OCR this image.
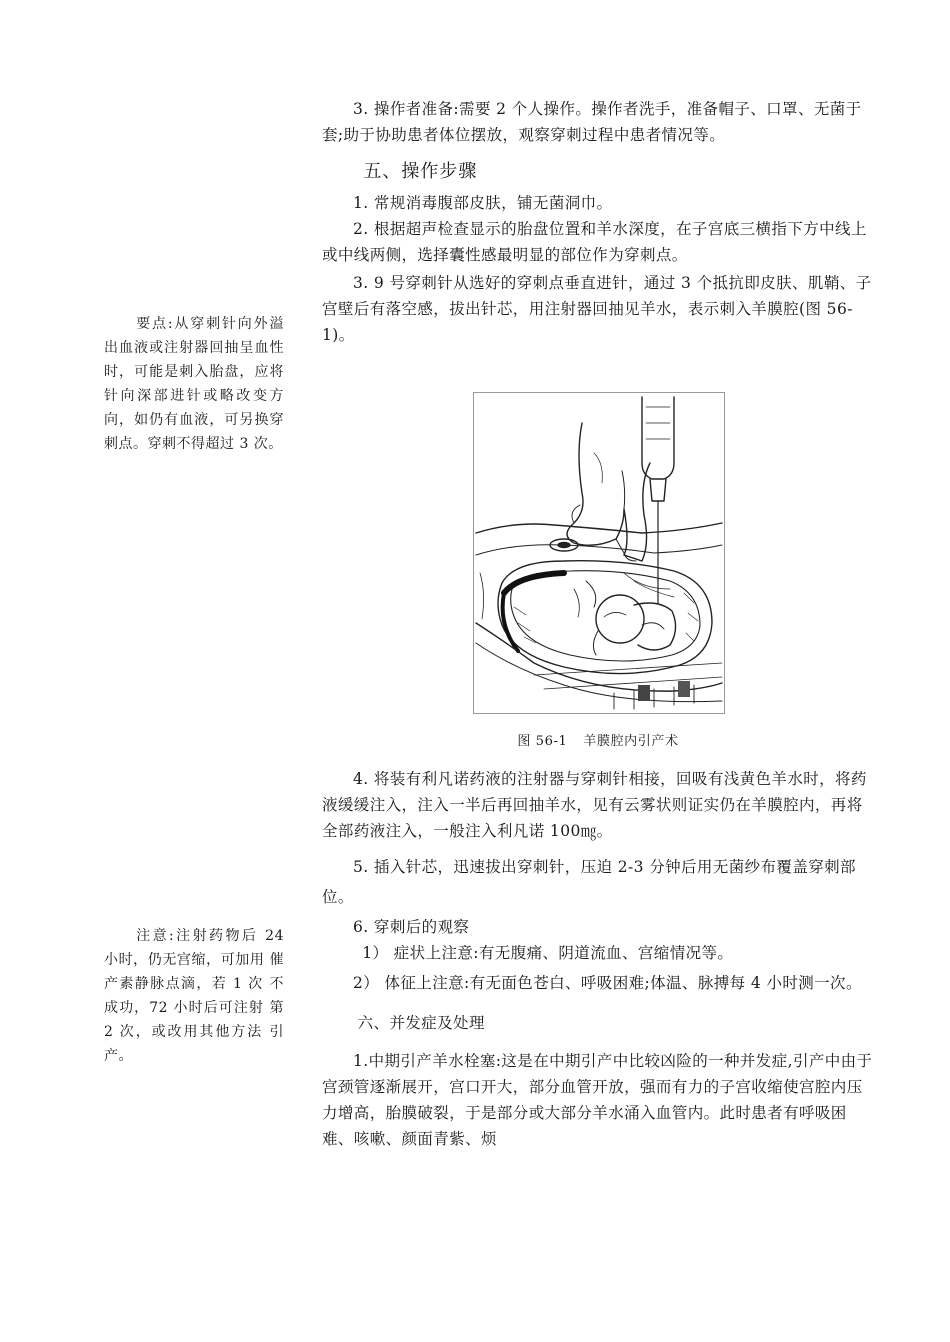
3. 操作者准备:需要 2 个人操作。操作者洗手，准备帽子、口罩、无菌于套;助于协助患者体位摆放，观察穿刺过程中患者情况等。

五、操作步骤

1. 常规消毒腹部皮肤，铺无菌洞巾。

2. 根据超声检查显示的胎盘位置和羊水深度，在子宫底三横指下方中线上或中线两侧，选择囊性感最明显的部位作为穿刺点。

3. 9 号穿刺针从选好的穿刺点垂直进针，通过 3 个抵抗即皮肤、肌鞘、子宫壁后有落空感，拔出针芯，用注射器回抽见羊水，表示刺入羊膜腔(图 56-1)。

要点:从穿刺针向外溢出血液或注射器回抽呈血性时，可能是刺入胎盘，应将针向深部进针或略改变方向，如仍有血液，可另换穿刺点。穿刺不得超过 3 次。

图 56-1 羊膜腔内引产术

4. 将装有利凡诺药液的注射器与穿刺针相接，回吸有浅黄色羊水时，将药液缓缓注入，注入一半后再回抽羊水，见有云雾状则证实仍在羊膜腔内，再将全部药液注入，一般注入利凡诺 100㎎。

5. 插入针芯，迅速拔出穿刺针，压迫 2-3 分钟后用无菌纱布覆盖穿刺部位。

6. 穿刺后的观察

1） 症状上注意:有无腹痛、阴道流血、宫缩情况等。

2） 体征上注意:有无面色苍白、呼吸困难;体温、脉搏每 4 小时测一次。

六、并发症及处理

1.中期引产羊水栓塞:这是在中期引产中比较凶险的一种并发症,引产中由于宫颈管逐渐展开，宫口开大，部分血管开放，强而有力的子宫收缩使宫腔内压力增高，胎膜破裂，于是部分或大部分羊水涌入血管内。此时患者有呼吸困难、咳嗽、颜面青紫、烦

注意:注射药物后 24 小时，仍无宫缩，可加用 催产素静脉点滴，若 1 次 不成功，72 小时后可注射 第 2 次，或改用其他方法 引产。
